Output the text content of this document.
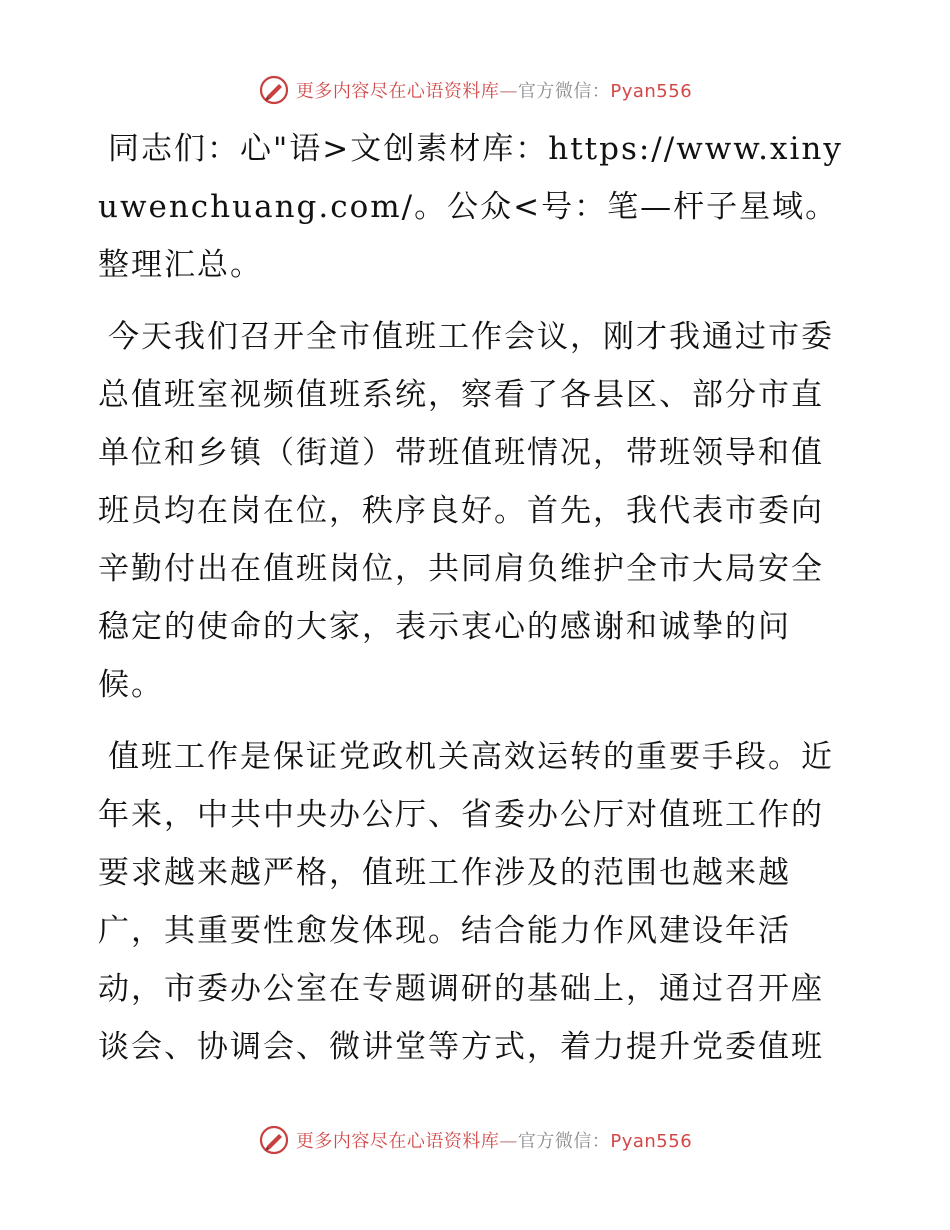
更多内容尽在心语资料库—官方微信：Pyan556

同志们：心"语>文创素材库：https://www.xinyuwenchuang.com/。公众<号：笔—杆子星域。整理汇总。

今天我们召开全市值班工作会议，刚才我通过市委总值班室视频值班系统，察看了各县区、部分市直单位和乡镇（街道）带班值班情况，带班领导和值班员均在岗在位，秩序良好。首先，我代表市委向辛勤付出在值班岗位，共同肩负维护全市大局安全稳定的使命的大家，表示衷心的感谢和诚挚的问候。

值班工作是保证党政机关高效运转的重要手段。近年来，中共中央办公厅、省委办公厅对值班工作的要求越来越严格，值班工作涉及的范围也越来越广，其重要性愈发体现。结合能力作风建设年活动，市委办公室在专题调研的基础上，通过召开座谈会、协调会、微讲堂等方式，着力提升党委值班

更多内容尽在心语资料库—官方微信：Pyan556
